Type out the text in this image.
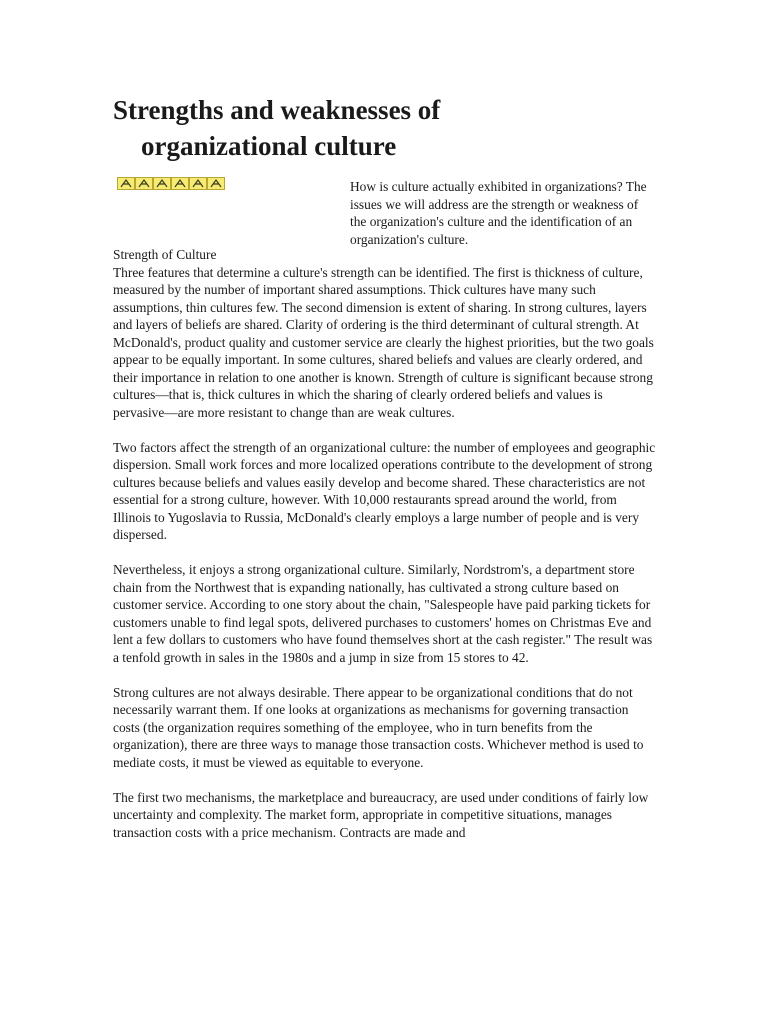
Strengths and weaknesses of
organizational culture

How is culture actually exhibited in organizations? The issues we will address are the strength or weakness of the organization's culture and the identification of an organization's culture.

Strength of Culture

Three features that determine a culture's strength can be identified. The first is thickness of culture, measured by the number of important shared assumptions. Thick cultures have many such assumptions, thin cultures few. The second dimension is extent of sharing. In strong cultures, layers and layers of beliefs are shared. Clarity of ordering is the third determinant of cultural strength. At McDonald's, product quality and customer service are clearly the highest priorities, but the two goals appear to be equally important. In some cultures, shared beliefs and values are clearly ordered, and their importance in relation to one another is known. Strength of culture is significant because strong cultures—that is, thick cultures in which the sharing of clearly ordered beliefs and values is pervasive—are more resistant to change than are weak cultures.

Two factors affect the strength of an organizational culture: the number of employees and geographic dispersion. Small work forces and more localized operations contribute to the development of strong cultures because beliefs and values easily develop and become shared. These characteristics are not essential for a strong culture, however. With 10,000 restaurants spread around the world, from Illinois to Yugoslavia to Russia, McDonald's clearly employs a large number of people and is very dispersed.

Nevertheless, it enjoys a strong organizational culture. Similarly, Nordstrom's, a department store chain from the Northwest that is expanding nationally, has cultivated a strong culture based on customer service. According to one story about the chain, "Salespeople have paid parking tickets for customers unable to find legal spots, delivered purchases to customers' homes on Christmas Eve and lent a few dollars to customers who have found themselves short at the cash register." The result was a tenfold growth in sales in the 1980s and a jump in size from 15 stores to 42.

Strong cultures are not always desirable. There appear to be organizational conditions that do not necessarily warrant them. If one looks at organizations as mechanisms for governing transaction costs (the organization requires something of the employee, who in turn benefits from the organization), there are three ways to manage those transaction costs. Whichever method is used to mediate costs, it must be viewed as equitable to everyone.

The first two mechanisms, the marketplace and bureaucracy, are used under conditions of fairly low uncertainty and complexity. The market form, appropriate in competitive situations, manages transaction costs with a price mechanism. Contracts are made and
